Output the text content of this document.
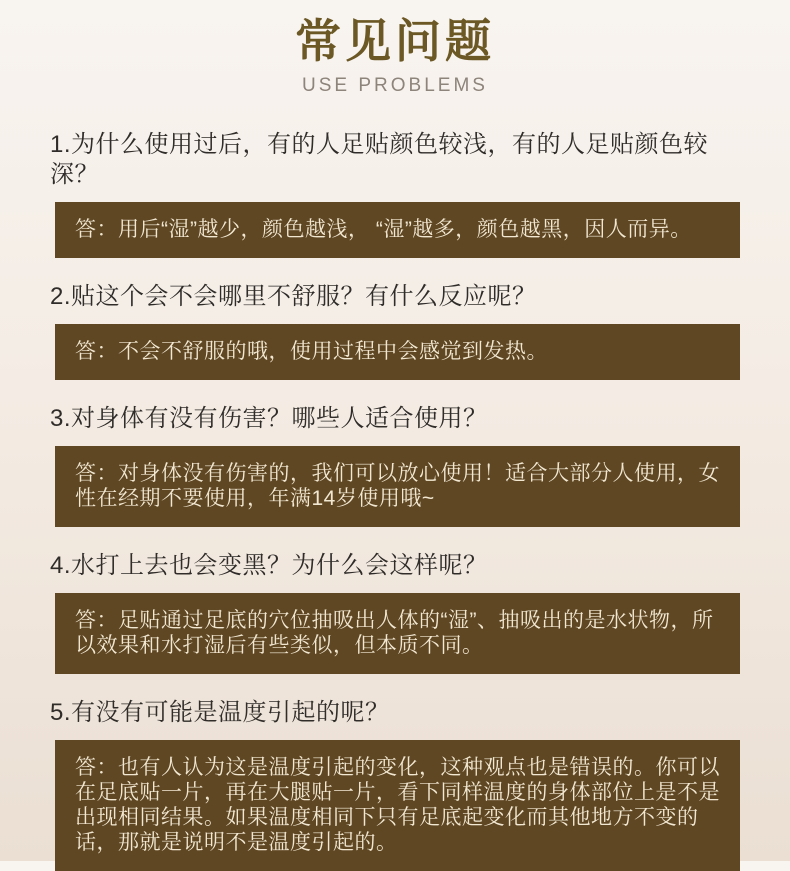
常见问题
USE PROBLEMS
1.为什么使用过后，有的人足贴颜色较浅，有的人足贴颜色较深？

答：用后“湿”越少，颜色越浅， “湿”越多，颜色越黑，因人而异。

2.贴这个会不会哪里不舒服？有什么反应呢？

答：不会不舒服的哦，使用过程中会感觉到发热。

3.对身体有没有伤害？哪些人适合使用？

答：对身体没有伤害的，我们可以放心使用！适合大部分人使用，女性在经期不要使用，年满14岁使用哦~

4.水打上去也会变黑？为什么会这样呢？

答：足贴通过足底的穴位抽吸出人体的“湿”、抽吸出的是水状物，所以效果和水打湿后有些类似，但本质不同。

5.有没有可能是温度引起的呢？

答：也有人认为这是温度引起的变化，这种观点也是错误的。你可以在足底贴一片，再在大腿贴一片，看下同样温度的身体部位上是不是出现相同结果。如果温度相同下只有足底起变化而其他地方不变的话，那就是说明不是温度引起的。
